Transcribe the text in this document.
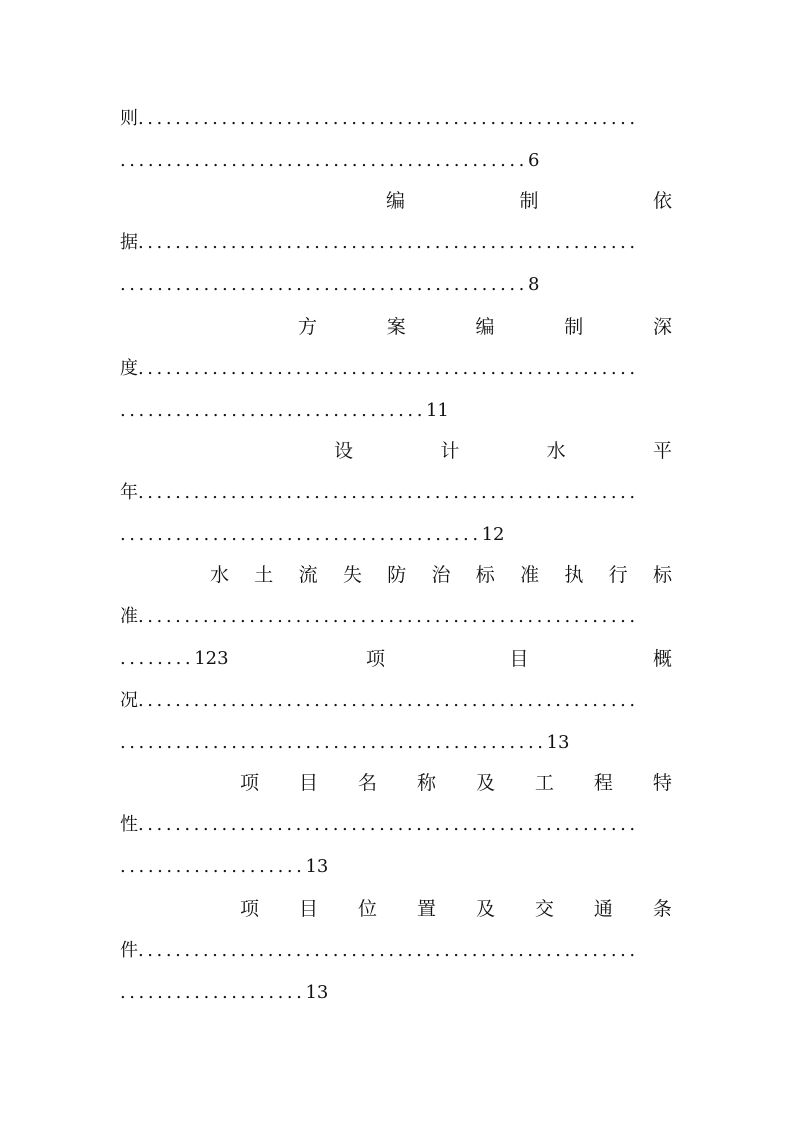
则......................................................
............................................6
编	制	依
据......................................................
............................................8
方	案	编	制	深
度......................................................
.................................11
设	计	水	平
年......................................................
.......................................12
水 土 流 失 防 治 标 准 执 行 标
准......................................................
........123	项	目	概
况......................................................
..............................................13
项 目 名 称 及 工 程 特
性......................................................
....................13
项 目 位 置 及 交 通 条
件......................................................
....................13
